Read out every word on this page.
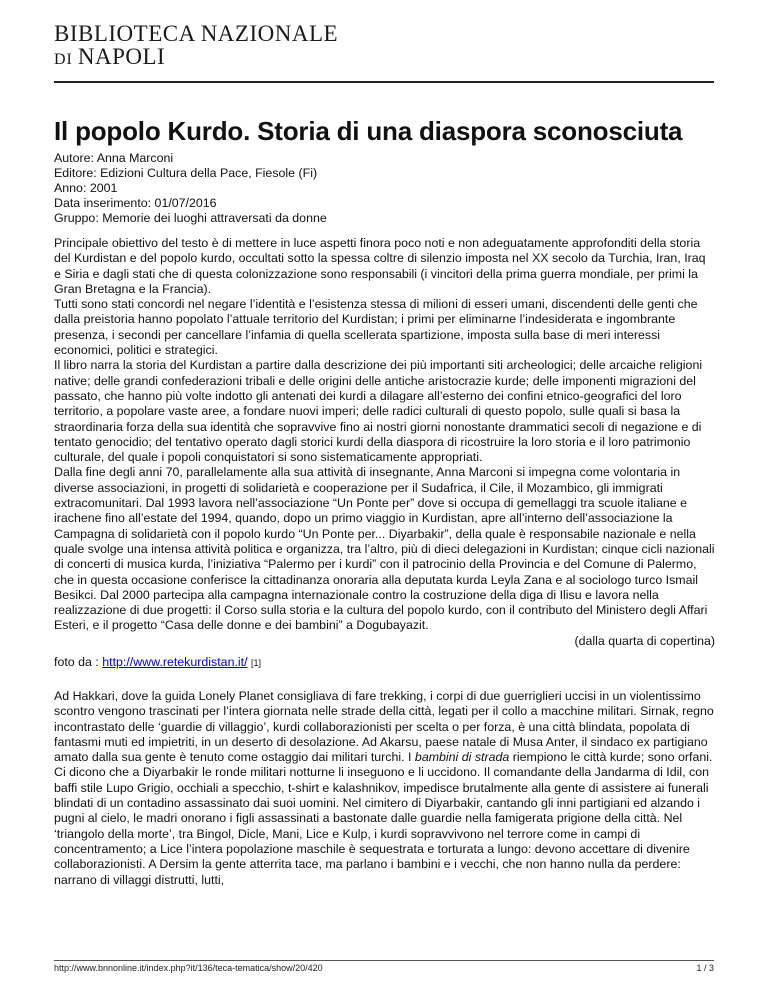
BIBLIOTECA NAZIONALE
DI NAPOLI
Il popolo Kurdo. Storia di una diaspora sconosciuta
Autore: Anna Marconi
Editore: Edizioni Cultura della Pace, Fiesole (Fi)
Anno: 2001
Data inserimento: 01/07/2016
Gruppo: Memorie dei luoghi attraversati da donne

Principale obiettivo del testo è di mettere in luce aspetti finora poco noti e non adeguatamente approfonditi della storia del Kurdistan e del popolo kurdo, occultati sotto la spessa coltre di silenzio imposta nel XX secolo da Turchia, Iran, Iraq e Siria e dagli stati che di questa colonizzazione sono responsabili (i vincitori della prima guerra mondiale, per primi la Gran Bretagna e la Francia).

Tutti sono stati concordi nel negare l’identità e l’esistenza stessa di milioni di esseri umani, discendenti delle genti che dalla preistoria hanno popolato l’attuale territorio del Kurdistan; i primi per eliminarne l’indesiderata e ingombrante presenza, i secondi per cancellare l’infamia di quella scellerata spartizione, imposta sulla base di meri interessi economici, politici e strategici.

Il libro narra la storia del Kurdistan a partire dalla descrizione dei più importanti siti archeologici; delle arcaiche religioni native; delle grandi confederazioni tribali e delle origini delle antiche aristocrazie kurde; delle imponenti migrazioni del passato, che hanno più volte indotto gli antenati dei kurdi a dilagare all’esterno dei confini etnico-geografici del loro territorio, a popolare vaste aree, a fondare nuovi imperi; delle radici culturali di questo popolo, sulle quali si basa la straordinaria forza della sua identità che sopravvive fino ai nostri giorni nonostante drammatici secoli di negazione e di tentato genocidio; del tentativo operato dagli storici kurdi della diaspora di ricostruire la loro storia e il loro patrimonio culturale, del quale i popoli conquistatori si sono sistematicamente appropriati.

Dalla fine degli anni 70, parallelamente alla sua attività di insegnante, Anna Marconi si impegna come volontaria in diverse associazioni, in progetti di solidarietà e cooperazione per il Sudafrica, il Cile, il Mozambico, gli immigrati extracomunitari. Dal 1993 lavora nell’associazione “Un Ponte per” dove si occupa di gemellaggi tra scuole italiane e irachene fino all’estate del 1994, quando, dopo un primo viaggio in Kurdistan, apre all’interno dell’associazione la Campagna di solidarietà con il popolo kurdo “Un Ponte per... Diyarbakir”, della quale è responsabile nazionale e nella quale svolge una intensa attività politica e organizza, tra l’altro, più di dieci delegazioni in Kurdistan; cinque cicli nazionali di concerti di musica kurda, l’iniziativa “Palermo per i kurdi” con il patrocinio della Provincia e del Comune di Palermo, che in questa occasione conferisce la cittadinanza onoraria alla deputata kurda Leyla Zana e al sociologo turco Ismail Besikci. Dal 2000 partecipa alla campagna internazionale contro la costruzione della diga di Ilisu e lavora nella realizzazione di due progetti: il Corso sulla storia e la cultura del popolo kurdo, con il contributo del Ministero degli Affari Esteri, e il progetto “Casa delle donne e dei bambini” a Dogubayazit.

(dalla quarta di copertina)

foto da : http://www.retekurdistan.it/ [1]

Ad Hakkari, dove la guida Lonely Planet consigliava di fare trekking, i corpi di due guerriglieri uccisi in un violentissimo scontro vengono trascinati per l’intera giornata nelle strade della città, legati per il collo a macchine militari. Sirnak, regno incontrastato delle ‘guardie di villaggio’, kurdi collaborazionisti per scelta o per forza, è una città blindata, popolata di fantasmi muti ed impietriti, in un deserto di desolazione. Ad Akarsu, paese natale di Musa Anter, il sindaco ex partigiano amato dalla sua gente è tenuto come ostaggio dai militari turchi. I bambini di strada riempiono le città kurde; sono orfani. Ci dicono che a Diyarbakir le ronde militari notturne li inseguono e li uccidono. Il comandante della Jandarma di Idil, con baffi stile Lupo Grigio, occhiali a specchio, t-shirt e kalashnikov, impedisce brutalmente alla gente di assistere ai funerali blindati di un contadino assassinato dai suoi uomini. Nel cimitero di Diyarbakir, cantando gli inni partigiani ed alzando i pugni al cielo, le madri onorano i figli assassinati a bastonate dalle guardie nella famigerata prigione della città. Nel ‘triangolo della morte’, tra Bingol, Dicle, Mani, Lice e Kulp, i kurdi sopravvivono nel terrore come in campi di concentramento; a Lice l’intera popolazione maschile è sequestrata e torturata a lungo: devono accettare di divenire collaborazionisti. A Dersim la gente atterrita tace, ma parlano i bambini e i vecchi, che non hanno nulla da perdere: narrano di villaggi distrutti, lutti,

http://www.bnnonline.it/index.php?it/136/teca-tematica/show/20/420	1 / 3
